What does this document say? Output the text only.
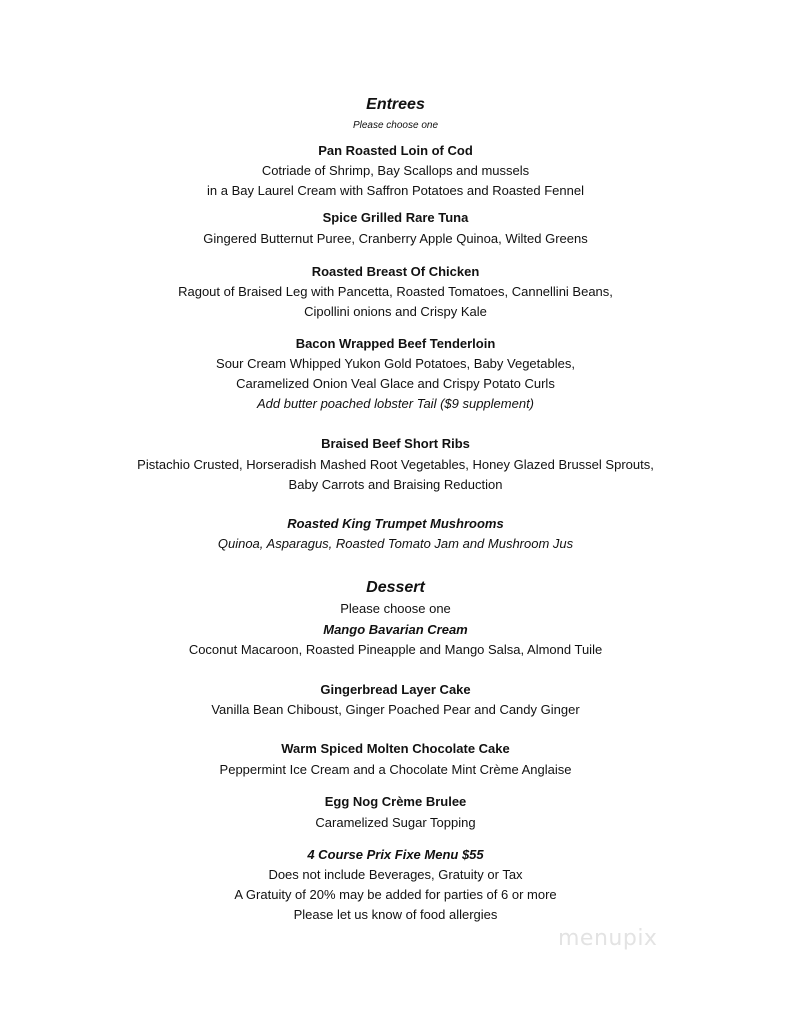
Entrees
Please choose one
Pan Roasted Loin of Cod
Cotriade of Shrimp, Bay Scallops and mussels
in a Bay Laurel Cream with Saffron Potatoes and Roasted Fennel
Spice Grilled Rare Tuna
Gingered Butternut Puree, Cranberry Apple Quinoa, Wilted Greens
Roasted Breast Of Chicken
Ragout of Braised Leg with Pancetta, Roasted Tomatoes, Cannellini Beans,
Cipollini onions and Crispy Kale
Bacon Wrapped Beef Tenderloin
Sour Cream Whipped Yukon Gold Potatoes, Baby Vegetables,
Caramelized Onion Veal Glace and Crispy Potato Curls
Add butter poached lobster Tail ($9 supplement)
Braised Beef Short Ribs
Pistachio Crusted, Horseradish Mashed Root Vegetables, Honey Glazed Brussel Sprouts,
Baby Carrots and Braising Reduction
Roasted King Trumpet Mushrooms
Quinoa, Asparagus, Roasted Tomato Jam and Mushroom Jus
Dessert
Please choose one
Mango Bavarian Cream
Coconut Macaroon, Roasted Pineapple and Mango Salsa, Almond Tuile
Gingerbread Layer Cake
Vanilla Bean Chiboust, Ginger Poached Pear and Candy Ginger
Warm Spiced Molten Chocolate Cake
Peppermint Ice Cream and a Chocolate Mint Crème Anglaise
Egg Nog Crème Brulee
Caramelized Sugar Topping
4 Course Prix Fixe Menu $55
Does not include Beverages, Gratuity or Tax
A Gratuity of 20% may be added for parties of 6 or more
Please let us know of food allergies
menupix
